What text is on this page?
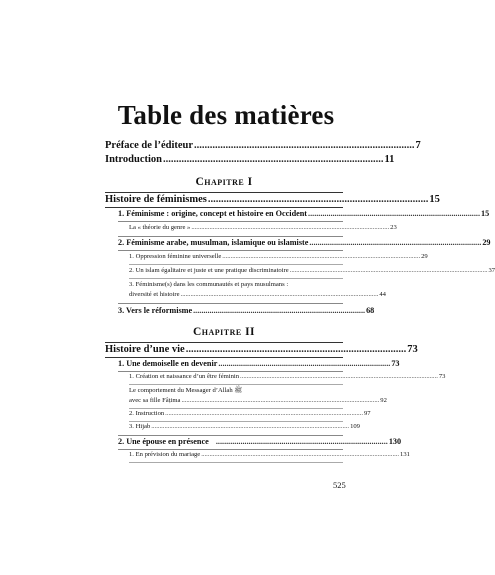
Table des matières
Préface de l’éditeur .................................................................................... 7
Introduction .................................................................................... 11
Chapitre I
Histoire de féminismes .................................................................................... 15
1. Féminisme : origine, concept et histoire en Occident .................................................................................... 15
La « théorie du genre » ........................................................................................................................ 23
2. Féminisme arabe, musulman, islamique ou islamiste .................................................................................... 29
1. Oppression féminine universelle ........................................................................................................................ 29
2. Un islam égalitaire et juste et une pratique discriminatoire ........................................................................................................................ 37
3. Féminisme(s) dans les communautés et pays musulmans :
diversité et histoire ........................................................................................................................ 44
3. Vers le réformisme .................................................................................... 68
Chapitre II
Histoire d’une vie .................................................................................... 73
1. Une demoiselle en devenir .................................................................................... 73
1. Création et naissance d’un être féminin ........................................................................................................................ 73
Le comportement du Messager d’Allah ﷺ
avec sa fille Fâṭima ........................................................................................................................ 92
2. Instruction ........................................................................................................................ 97
3. Hijab ........................................................................................................................ 109
2. Une épouse en présence .................................................................................... 130
1. En prévision du mariage ........................................................................................................................ 131
525
